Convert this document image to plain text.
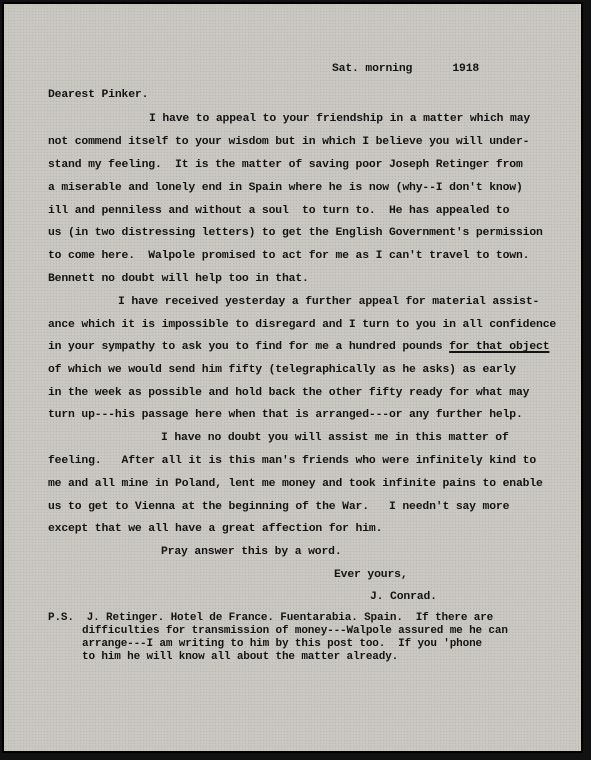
Sat. morning      1918
Dearest Pinker.
I have to appeal to your friendship in a matter which may
not commend itself to your wisdom but in which I believe you will under-
stand my feeling.  It is the matter of saving poor Joseph Retinger from
a miserable and lonely end in Spain where he is now (why--I don't know)
ill and penniless and without a soul  to turn to.  He has appealed to
us (in two distressing letters) to get the English Government's permission
to come here.  Walpole promised to act for me as I can't travel to town.
Bennett no doubt will help too in that.
I have received yesterday a further appeal for material assist-
ance which it is impossible to disregard and I turn to you in all confidence
in your sympathy to ask you to find for me a hundred pounds for that object
of which we would send him fifty (telegraphically as he asks) as early
in the week as possible and hold back the other fifty ready for what may
turn up---his passage here when that is arranged---or any further help.
I have no doubt you will assist me in this matter of
feeling.   After all it is this man's friends who were infinitely kind to
me and all mine in Poland, lent me money and took infinite pains to enable
us to get to Vienna at the beginning of the War.   I needn't say more
except that we all have a great affection for him.
Pray answer this by a word.
Ever yours,
J. Conrad.
P.S.  J. Retinger. Hotel de France. Fuentarabia. Spain.  If there are
difficulties for transmission of money---Walpole assured me he can
arrange---I am writing to him by this post too.  If you 'phone
to him he will know all about the matter already.
